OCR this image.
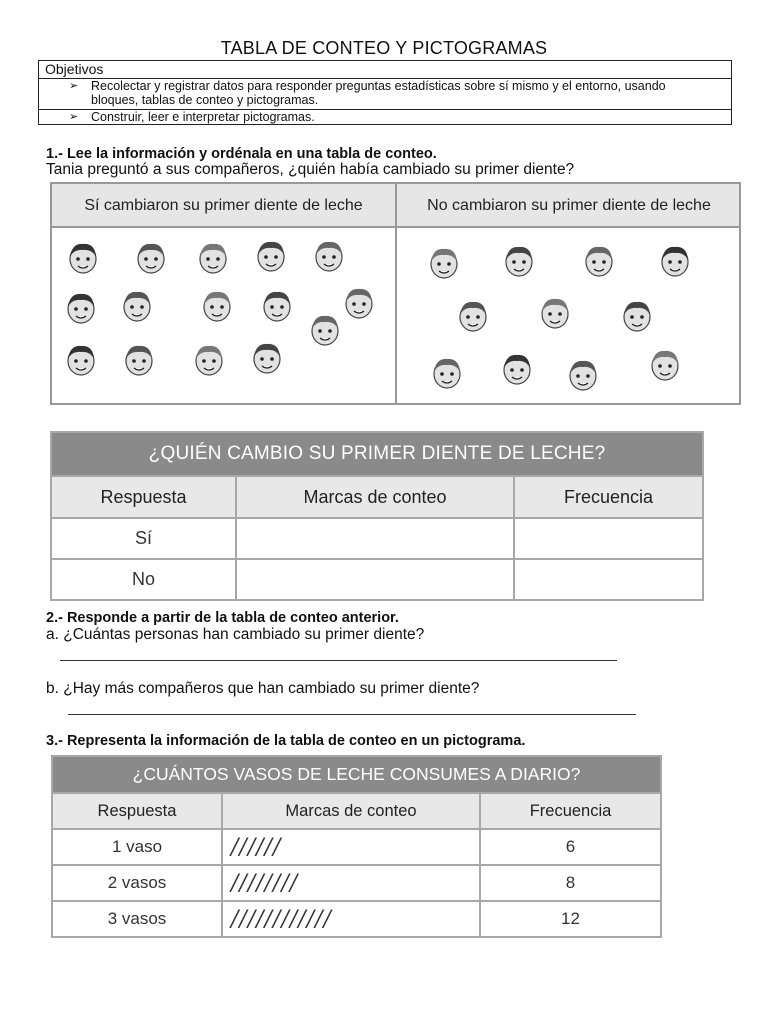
TABLA DE CONTEO Y PICTOGRAMAS
Objetivos
➢	Recolectar y registrar datos para responder preguntas estadísticas sobre sí mismo y el entorno, usando bloques, tablas de conteo y pictogramas.
➢	Construir, leer e interpretar pictogramas.
1.- Lee la información y ordénala en una tabla de conteo.
Tania preguntó a sus compañeros, ¿quién había cambiado su primer diente?
Sí cambiaron su primer diente de leche	No cambiaron su primer diente de leche
¿QUIÉN CAMBIO SU PRIMER DIENTE DE LECHE?		
Respuesta	Marcas de conteo	Frecuencia
Sí		
No		
2.- Responde a partir de la tabla de conteo anterior.
a. ¿Cuántas personas han cambiado su primer diente?
b. ¿Hay más compañeros que han cambiado su primer diente?
3.- Representa la información de la tabla de conteo en un pictograma.
¿CUÁNTOS VASOS DE LECHE CONSUMES A DIARIO?		
Respuesta	Marcas de conteo	Frecuencia
1 vaso	//////	6
2 vasos	////////	8
3 vasos	////////////	12
